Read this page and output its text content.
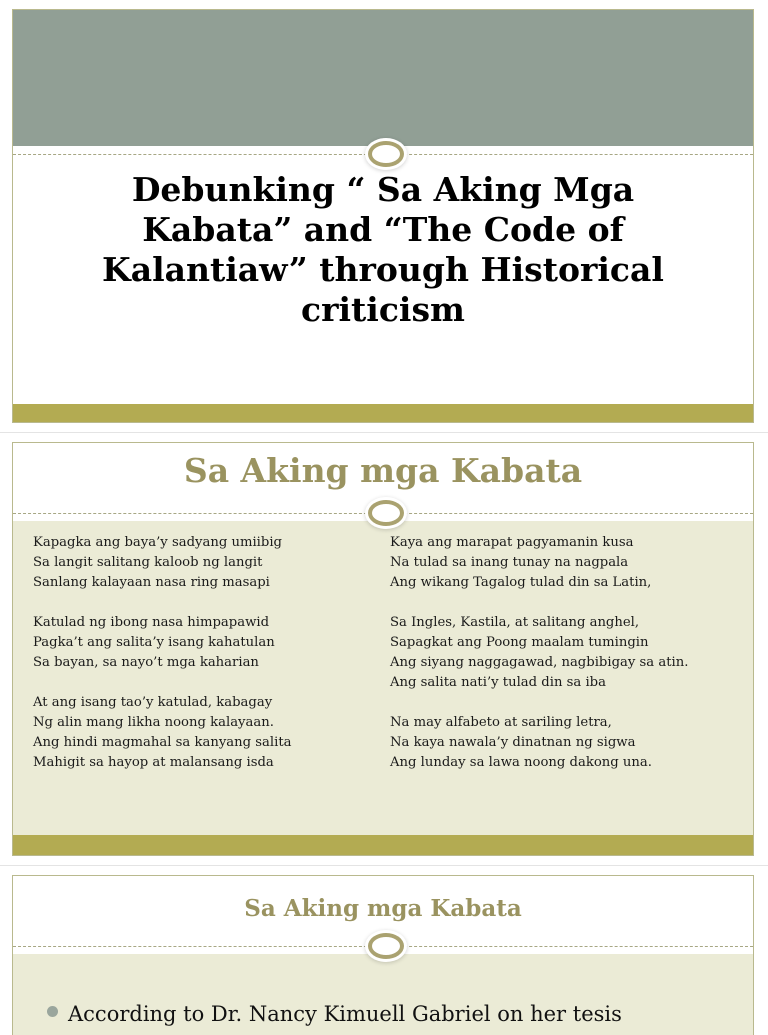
Debunking “ Sa Aking Mga Kabata” and “The Code of Kalantiaw” through Historical criticism
Sa Aking mga Kabata
Kapagka ang baya’y sadyang umiibig
Sa langit salitang kaloob ng langit
Sanlang kalayaan nasa ring masapi
Katulad ng ibong nasa himpapawid
Pagka’t ang salita’y isang kahatulan
Sa bayan, sa nayo’t mga kaharian
At ang isang tao’y katulad, kabagay
Ng alin mang likha noong kalayaan.
Ang hindi magmahal sa kanyang salita
Mahigit sa hayop at malansang isda
Kaya ang marapat pagyamanin kusa
Na tulad sa inang tunay na nagpala
Ang wikang Tagalog tulad din sa Latin,
Sa Ingles, Kastila, at salitang anghel,
Sapagkat ang Poong maalam tumingin
Ang siyang naggagawad, nagbibigay sa atin.
Ang salita nati’y tulad din sa iba
Na may alfabeto at sariling letra,
Na kaya nawala’y dinatnan ng sigwa
Ang lunday sa lawa noong dakong una.
Sa Aking mga Kabata
According to Dr. Nancy Kimuell Gabriel on her tesis
